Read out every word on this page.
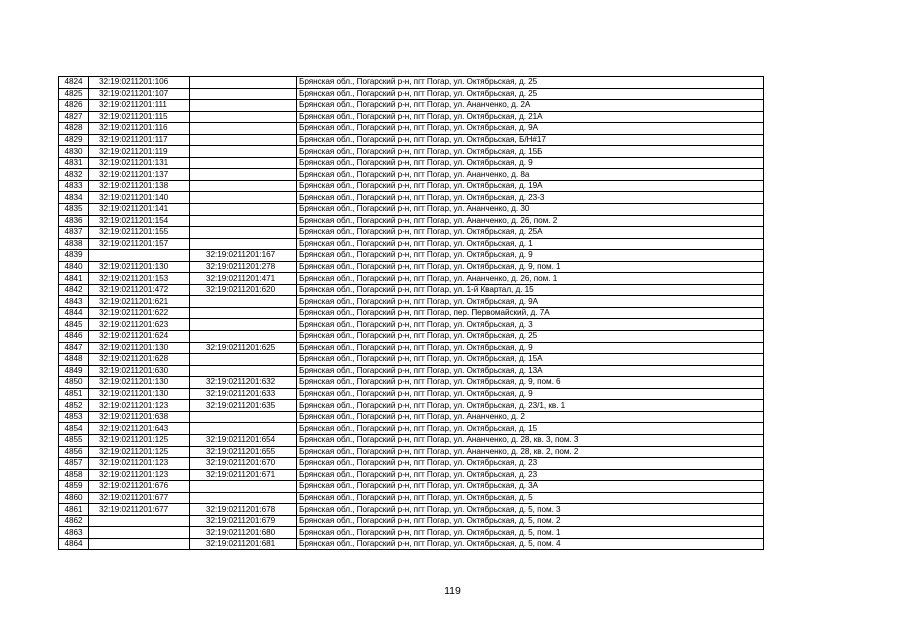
4824	32:19:0211201:106		Брянская обл., Погарский р-н, пгт Погар, ул. Октябрьская, д. 25
4825	32:19:0211201:107		Брянская обл., Погарский р-н, пгт Погар, ул. Октябрьская, д. 25
4826	32:19:0211201:111		Брянская обл., Погарский р-н, пгт Погар, ул. Ананченко, д. 2А
4827	32:19:0211201:115		Брянская обл., Погарский р-н, пгт Погар, ул. Октябрьская, д. 21А
4828	32:19:0211201:116		Брянская обл., Погарский р-н, пгт Погар, ул. Октябрьская, д. 9А
4829	32:19:0211201:117		Брянская обл., Погарский р-н, пгт Погар, ул. Октябрьская, Б/Н#17
4830	32:19:0211201:119		Брянская обл., Погарский р-н, пгт Погар, ул. Октябрьская, д. 15Б
4831	32:19:0211201:131		Брянская обл., Погарский р-н, пгт Погар, ул. Октябрьская, д. 9
4832	32:19:0211201:137		Брянская обл., Погарский р-н, пгт Погар, ул. Ананченко, д. 8а
4833	32:19:0211201:138		Брянская обл., Погарский р-н, пгт Погар, ул. Октябрьская, д. 19А
4834	32:19:0211201:140		Брянская обл., Погарский р-н, пгт Погар, ул. Октябрьская, д. 23-3
4835	32:19:0211201:141		Брянская обл., Погарский р-н, пгт Погар, ул. Ананченко, д. 30
4836	32:19:0211201:154		Брянская обл., Погарский р-н, пгт Погар, ул. Ананченко, д. 26, пом. 2
4837	32:19:0211201:155		Брянская обл., Погарский р-н, пгт Погар, ул. Октябрьская, д. 25А
4838	32:19:0211201:157		Брянская обл., Погарский р-н, пгт Погар, ул. Октябрьская, д. 1
4839		32:19:0211201:167	Брянская обл., Погарский р-н, пгт Погар, ул. Октябрьская, д. 9
4840	32:19:0211201:130	32:19:0211201:278	Брянская обл., Погарский р-н, пгт Погар, ул. Октябрьская, д. 9, пом. 1
4841	32:19:0211201:153	32:19:0211201:471	Брянская обл., Погарский р-н, пгт Погар, ул. Ананченко, д. 26, пом. 1
4842	32:19:0211201:472	32:19:0211201:620	Брянская обл., Погарский р-н, пгт Погар, ул. 1-й Квартал, д. 15
4843	32:19:0211201:621		Брянская обл., Погарский р-н, пгт Погар, ул. Октябрьская, д. 9А
4844	32:19:0211201:622		Брянская обл., Погарский р-н, пгт Погар, пер. Первомайский, д. 7А
4845	32:19:0211201:623		Брянская обл., Погарский р-н, пгт Погар, ул. Октябрьская, д. 3
4846	32:19:0211201:624		Брянская обл., Погарский р-н, пгт Погар, ул. Октябрьская, д. 25
4847	32:19:0211201:130	32:19:0211201:625	Брянская обл., Погарский р-н, пгт Погар, ул. Октябрьская, д. 9
4848	32:19:0211201:628		Брянская обл., Погарский р-н, пгт Погар, ул. Октябрьская, д. 15А
4849	32:19:0211201:630		Брянская обл., Погарский р-н, пгт Погар, ул. Октябрьская, д. 13А
4850	32:19:0211201:130	32:19:0211201:632	Брянская обл., Погарский р-н, пгт Погар, ул. Октябрьская, д. 9, пом. 6
4851	32:19:0211201:130	32:19:0211201:633	Брянская обл., Погарский р-н, пгт Погар, ул. Октябрьская, д. 9
4852	32:19:0211201:123	32:19:0211201:635	Брянская обл., Погарский р-н, пгт Погар, ул. Октябрьская, д. 23/1, кв. 1
4853	32:19:0211201:638		Брянская обл., Погарский р-н, пгт Погар, ул. Ананченко, д. 2
4854	32:19:0211201:643		Брянская обл., Погарский р-н, пгт Погар, ул. Октябрьская, д. 15
4855	32:19:0211201:125	32:19:0211201:654	Брянская обл., Погарский р-н, пгт Погар, ул. Ананченко, д. 28, кв. 3, пом. 3
4856	32:19:0211201:125	32:19:0211201:655	Брянская обл., Погарский р-н, пгт Погар, ул. Ананченко, д. 28, кв. 2, пом. 2
4857	32:19:0211201:123	32:19:0211201:670	Брянская обл., Погарский р-н, пгт Погар, ул. Октябрьская, д. 23
4858	32:19:0211201:123	32:19:0211201:671	Брянская обл., Погарский р-н, пгт Погар, ул. Октябрьская, д. 23
4859	32:19:0211201:676		Брянская обл., Погарский р-н, пгт Погар, ул. Октябрьская, д. 3А
4860	32:19:0211201:677		Брянская обл., Погарский р-н, пгт Погар, ул. Октябрьская, д. 5
4861	32:19:0211201:677	32:19:0211201:678	Брянская обл., Погарский р-н, пгт Погар, ул. Октябрьская, д. 5, пом. 3
4862		32:19:0211201:679	Брянская обл., Погарский р-н, пгт Погар, ул. Октябрьская, д. 5, пом. 2
4863		32:19:0211201:680	Брянская обл., Погарский р-н, пгт Погар, ул. Октябрьская, д. 5, пом. 1
4864		32:19:0211201:681	Брянская обл., Погарский р-н, пгт Погар, ул. Октябрьская, д. 5, пом. 4
119
